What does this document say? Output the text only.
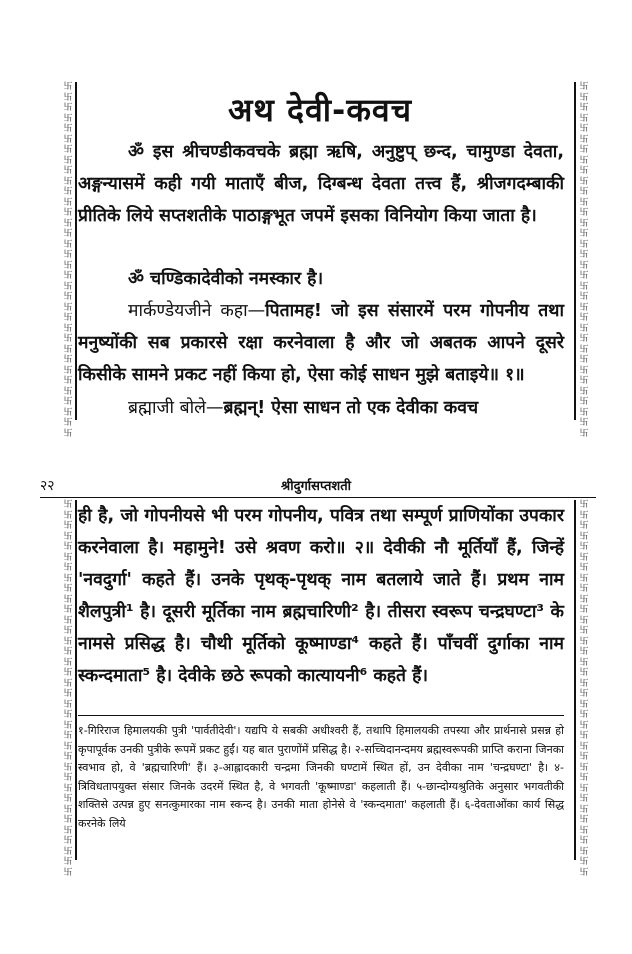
卐
卐
卐
卐
卐
卐
卐
卐
卐
卐
卐
卐
卐
卐
卐
卐
卐
卐
卐
卐
卐
卐
卐
卐
卐
卐
卐
卐
卐
卐
卐
卐
卐
卐
卐
卐
卐
卐
卐
卐
卐
卐
卐
卐
卐
卐
卐
卐
卐
卐
卐
卐
卐
卐
卐
卐
卐
卐
卐
卐
卐
卐
卐
卐
卐
卐
卐
卐
अथ देवी-कवच
ॐ इस श्रीचण्डीकवचके ब्रह्मा ऋषि, अनुष्टुप् छन्द, चामुण्डा देवता, अङ्गन्यासमें कही गयी माताएँ बीज, दिग्बन्ध देवता तत्त्व हैं, श्रीजगदम्बाकी प्रीतिके लिये सप्तशतीके पाठाङ्गभूत जपमें इसका विनियोग किया जाता है।
ॐ चण्डिकादेवीको नमस्कार है।
मार्कण्डेयजीने कहा—पितामह! जो इस संसारमें परम गोपनीय तथा मनुष्योंकी सब प्रकारसे रक्षा करनेवाला है और जो अबतक आपने दूसरे किसीके सामने प्रकट नहीं किया हो, ऐसा कोई साधन मुझे बताइये॥ १॥
ब्रह्माजी बोले—ब्रह्मन्! ऐसा साधन तो एक देवीका कवच
२२	श्रीदुर्गासप्तशती
卐
卐
卐
卐
卐
卐
卐
卐
卐
卐
卐
卐
卐
卐
卐
卐
卐
卐
卐
卐
卐
卐
卐
卐
卐
卐
卐
卐
卐
卐
卐
卐
卐
卐
卐
卐
卐
卐
卐
卐
卐
卐
卐
卐
卐
卐
卐
卐
卐
卐
卐
卐
卐
卐
卐
卐
卐
卐
卐
卐
卐
卐
卐
卐
卐
卐
卐
卐
卐
卐
卐
卐
ही है, जो गोपनीयसे भी परम गोपनीय, पवित्र तथा सम्पूर्ण प्राणियोंका उपकार करनेवाला है। महामुने! उसे श्रवण करो॥ २॥ देवीकी नौ मूर्तियाँ हैं, जिन्हें 'नवदुर्गा' कहते हैं। उनके पृथक्-पृथक् नाम बतलाये जाते हैं। प्रथम नाम शैलपुत्री¹ है। दूसरी मूर्तिका नाम ब्रह्मचारिणी² है। तीसरा स्वरूप चन्द्रघण्टा³ के नामसे प्रसिद्ध है। चौथी मूर्तिको कूष्माण्डा⁴ कहते हैं। पाँचवीं दुर्गाका नाम स्कन्दमाता⁵ है। देवीके छठे रूपको कात्यायनी⁶ कहते हैं।
१-गिरिराज हिमालयकी पुत्री 'पार्वतीदेवी'। यद्यपि ये सबकी अधीश्वरी हैं, तथापि हिमालयकी तपस्या और प्रार्थनासे प्रसन्न हो कृपापूर्वक उनकी पुत्रीके रूपमें प्रकट हुईं। यह बात पुराणोंमें प्रसिद्ध है। २-सच्चिदानन्दमय ब्रह्मस्वरूपकी प्राप्ति कराना जिनका स्वभाव हो, वे 'ब्रह्मचारिणी' हैं। ३-आह्लादकारी चन्द्रमा जिनकी घण्टामें स्थित हों, उन देवीका नाम 'चन्द्रघण्टा' है। ४-त्रिविधतापयुक्त संसार जिनके उदरमें स्थित है, वे भगवती 'कूष्माण्डा' कहलाती हैं। ५-छान्दोग्यश्रुतिके अनुसार भगवतीकी शक्तिसे उत्पन्न हुए सनत्कुमारका नाम स्कन्द है। उनकी माता होनेसे वे 'स्कन्दमाता' कहलाती हैं। ६-देवताओंका कार्य सिद्ध करनेके लिये
